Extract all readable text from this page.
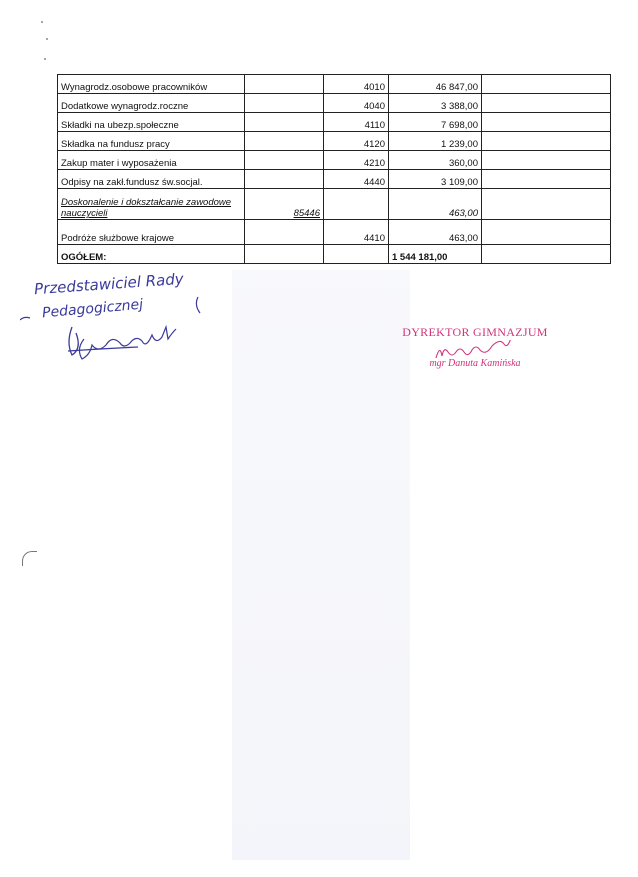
Wynagrodz.osobowe pracowników		4010	46 847,00	
Dodatkowe wynagrodz.roczne		4040	3 388,00	
Składki na ubezp.społeczne		4110	7 698,00	
Składka na fundusz pracy		4120	1 239,00	
Zakup mater i wyposażenia		4210	360,00	
Odpisy na zakł.fundusz św.socjal.		4440	3 109,00	
Doskonalenie i dokształcanie zawodowe nauczycieli	85446		463,00	
Podróże służbowe krajowe		4410	463,00	
OGÓŁEM:			1 544 181,00	
Przedstawiciel Rady
Pedagogicznej
DYREKTOR GIMNAZJUM
mgr Danuta Kamińska
